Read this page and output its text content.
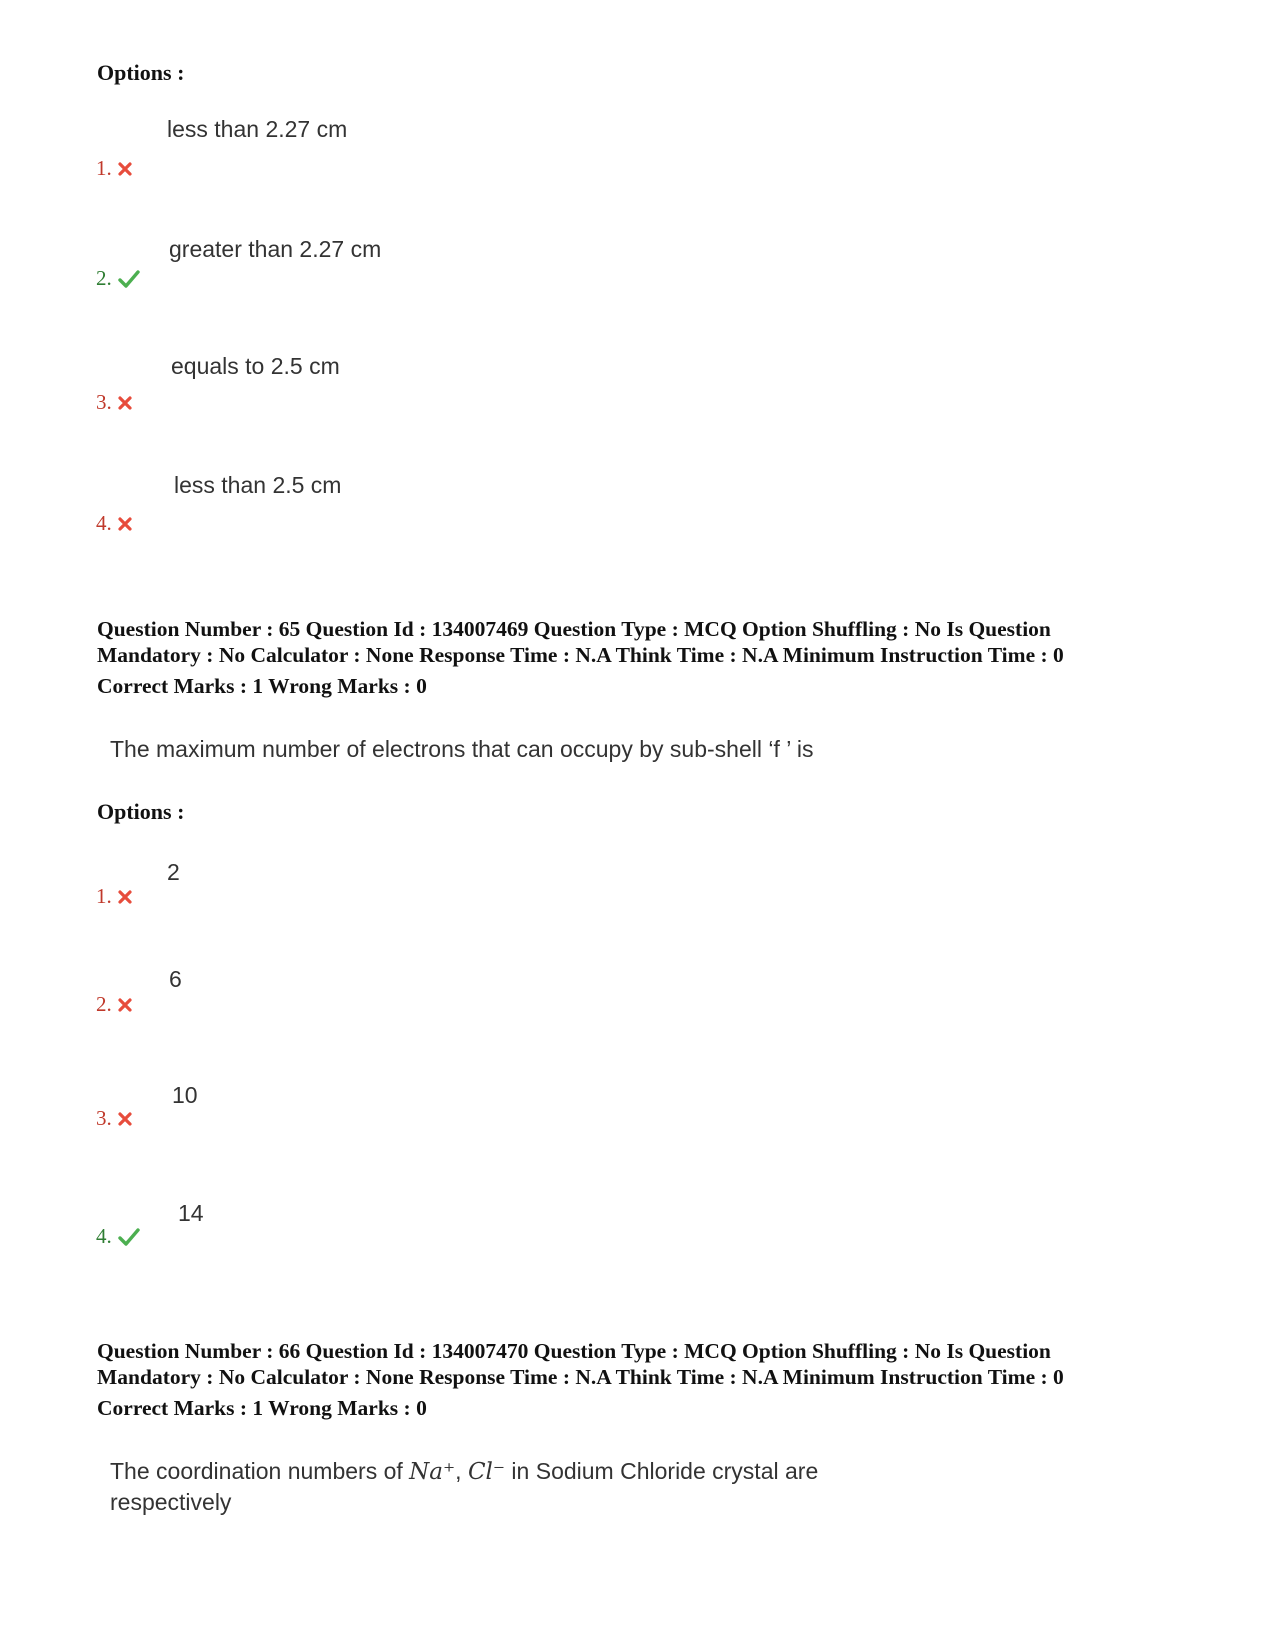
Options :
less than 2.27 cm
1.
greater than 2.27 cm
2.
equals to 2.5 cm
3.
less than 2.5 cm
4.
Question Number : 65 Question Id : 134007469 Question Type : MCQ Option Shuffling : No Is Question
Mandatory : No Calculator : None Response Time : N.A Think Time : N.A Minimum Instruction Time : 0
Correct Marks : 1 Wrong Marks : 0
The maximum number of electrons that can occupy by sub-shell ‘f ’ is
Options :
2
1.
6
2.
10
3.
14
4.
Question Number : 66 Question Id : 134007470 Question Type : MCQ Option Shuffling : No Is Question
Mandatory : No Calculator : None Response Time : N.A Think Time : N.A Minimum Instruction Time : 0
Correct Marks : 1 Wrong Marks : 0
The coordination numbers of Na⁺, Cl⁻ in Sodium Chloride crystal are
respectively
